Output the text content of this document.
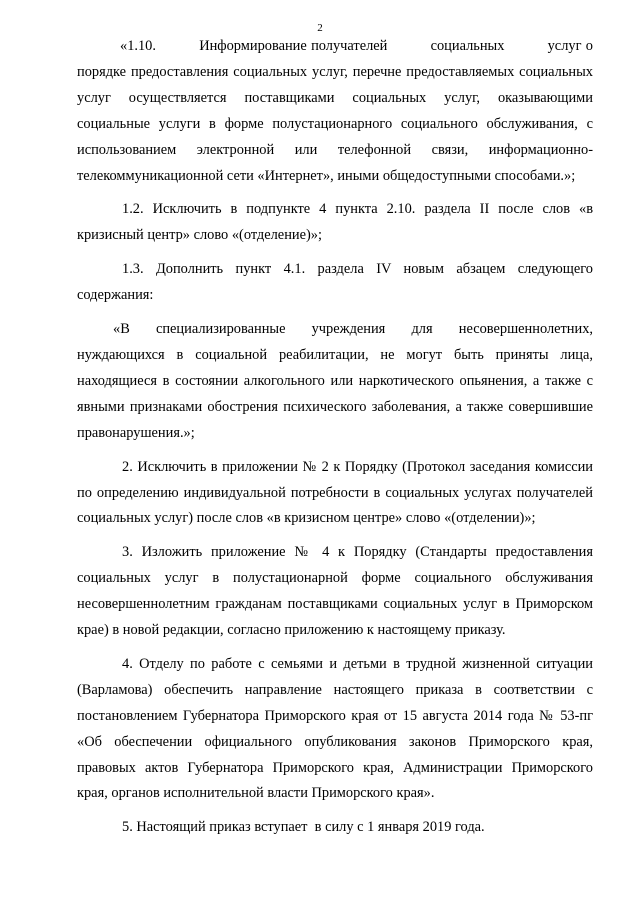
2

«1.10.          Информирование получателей          социальных          услуг о порядке предоставления социальных услуг, перечне предоставляемых социальных услуг осуществляется поставщиками социальных услуг, оказывающими социальные услуги в форме полустационарного социального обслуживания, с использованием электронной или телефонной связи, информационно-телекоммуникационной сети «Интернет», иными общедоступными способами.»;

1.2. Исключить в подпункте 4 пункта 2.10. раздела II после слов «в кризисный центр» слово «(отделение)»;

1.3. Дополнить пункт 4.1. раздела IV новым абзацем следующего содержания:

«В специализированные учреждения для несовершеннолетних, нуждающихся в социальной реабилитации, не могут быть приняты лица, находящиеся в состоянии алкогольного или наркотического опьянения, а также с явными признаками обострения психического заболевания, а также совершившие правонарушения.»;

2. Исключить в приложении № 2 к Порядку (Протокол заседания комиссии по определению индивидуальной потребности в социальных услугах получателей социальных услуг) после слов «в кризисном центре» слово «(отделении)»;

3. Изложить приложение № 4 к Порядку (Стандарты предоставления социальных услуг в полустационарной форме социального обслуживания несовершеннолетним гражданам поставщиками социальных услуг в Приморском крае) в новой редакции, согласно приложению к настоящему приказу.

4. Отделу по работе с семьями и детьми в трудной жизненной ситуации (Варламова) обеспечить направление настоящего приказа в соответствии с постановлением Губернатора Приморского края от 15 августа 2014 года № 53-пг «Об обеспечении официального опубликования законов Приморского края, правовых актов Губернатора Приморского края, Администрации Приморского края, органов исполнительной власти Приморского края».

5. Настоящий приказ вступает  в силу с 1 января 2019 года.
